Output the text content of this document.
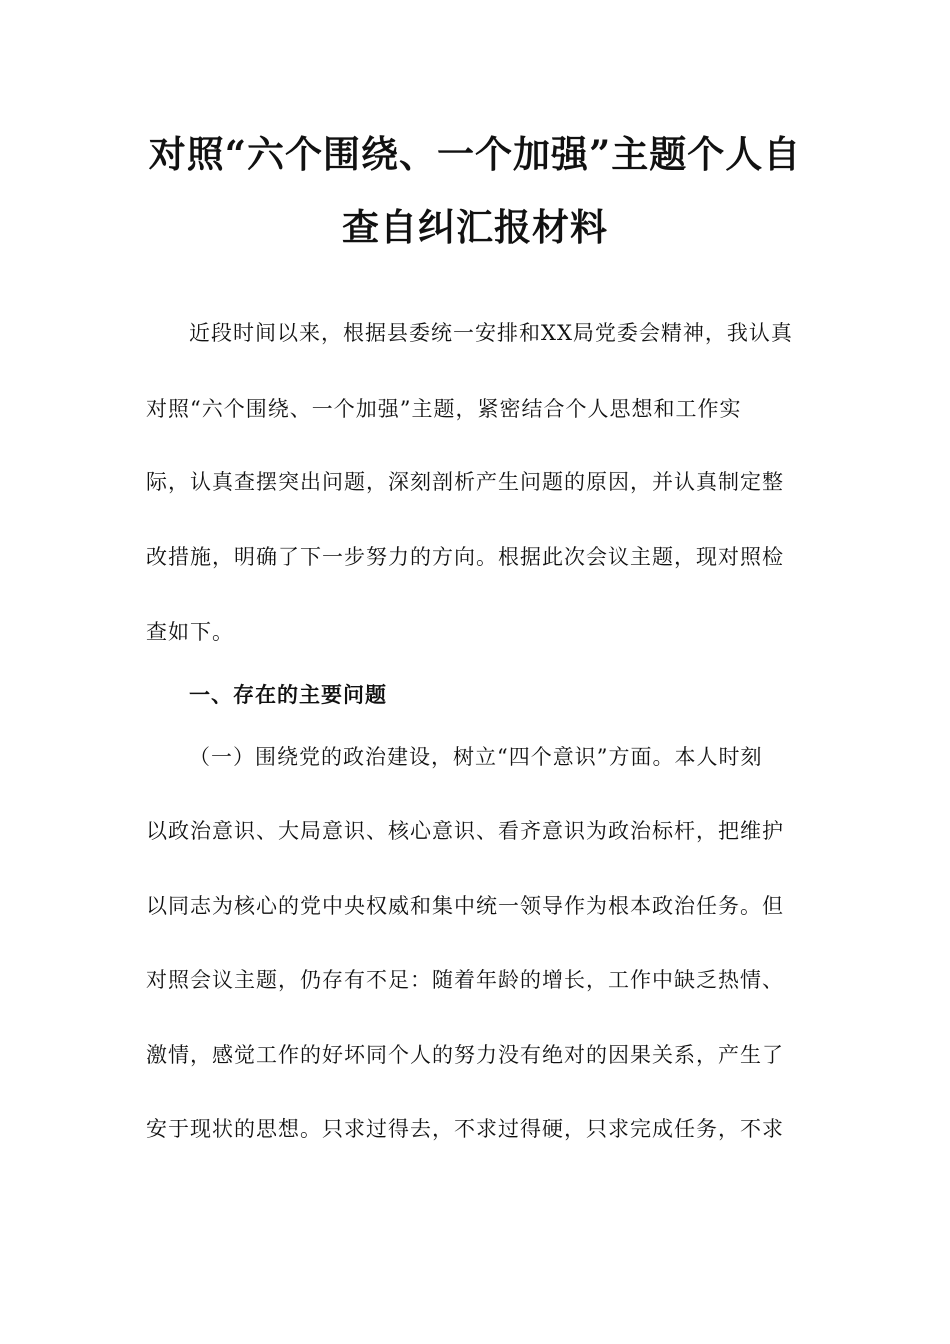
对照“六个围绕、一个加强”主题个人自
查自纠汇报材料
近段时间以来，根据县委统一安排和XX局党委会精神，我认真
对照“六个围绕、一个加强”主题，紧密结合个人思想和工作实
际，认真查摆突出问题，深刻剖析产生问题的原因，并认真制定整
改措施，明确了下一步努力的方向。根据此次会议主题，现对照检
查如下。
一、存在的主要问题
（一）围绕党的政治建设，树立“四个意识”方面。本人时刻
以政治意识、大局意识、核心意识、看齐意识为政治标杆，把维护
以同志为核心的党中央权威和集中统一领导作为根本政治任务。但
对照会议主题，仍存有不足：随着年龄的增长，工作中缺乏热情、
激情，感觉工作的好坏同个人的努力没有绝对的因果关系，产生了
安于现状的思想。只求过得去，不求过得硬，只求完成任务，不求
